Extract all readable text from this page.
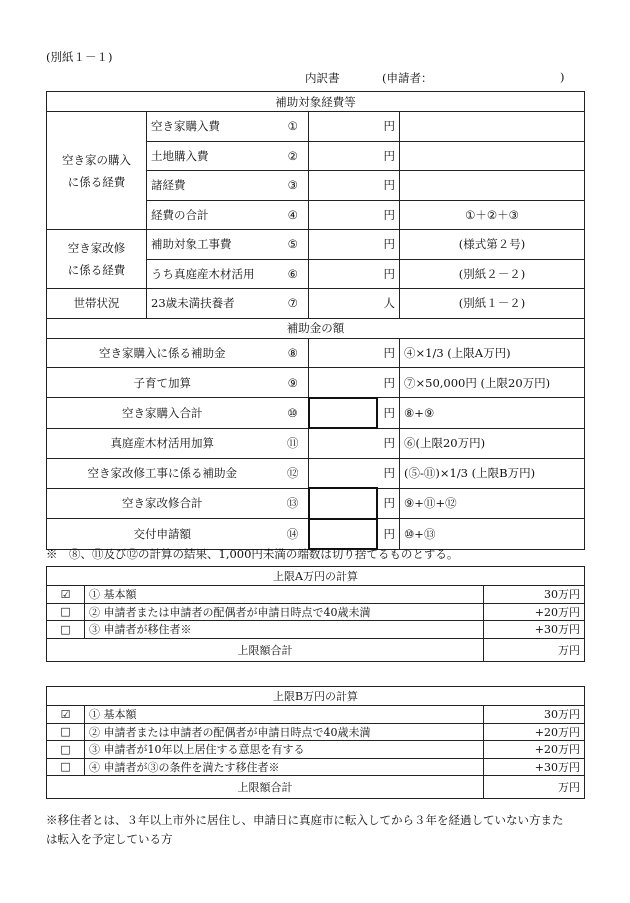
(別紙１－１)
内訳書	(申請者：	)
補助対象経費等					

空き家の購入
に係る経費	空き家購入費	①		円	
	土地購入費	②		円	
	諸経費	③		円	
	経費の合計	④		円	①＋②＋③

空き家改修
に係る経費	補助対象工事費	⑤		円	(様式第２号)
	うち真庭産木材活用	⑥		円	(別紙２－２)
世帯状況	23歳未満扶養者	⑦		人	(別紙１－２)
補助金の額					
空き家購入に係る補助金		⑧		円	④×1/3 (上限A万円)
子育て加算		⑨		円	⑦×50,000円 (上限20万円)
空き家購入合計		⑩		円	⑧+⑨
真庭産木材活用加算		⑪		円	⑥(上限20万円)
空き家改修工事に係る補助金		⑫		円	(⑤-⑪)×1/3 (上限B万円)
空き家改修合計		⑬		円	⑨+⑪+⑫
交付申請額		⑭		円	⑩+⑬
※　⑧、⑪及び⑫の計算の結果、1,000円未満の端数は切り捨てるものとする。
上限A万円の計算		
☑	① 基本額	30万円
□	② 申請者または申請者の配偶者が申請日時点で40歳未満	+20万円
□	③ 申請者が移住者※	+30万円
上限額合計		万円
上限B万円の計算		
☑	① 基本額	30万円
□	② 申請者または申請者の配偶者が申請日時点で40歳未満	+20万円
□	③ 申請者が10年以上居住する意思を有する	+20万円
□	④ 申請者が③の条件を満たす移住者※	+30万円
上限額合計		万円
※移住者とは、３年以上市外に居住し、申請日に真庭市に転入してから３年を経過していない方また
は転入を予定している方
